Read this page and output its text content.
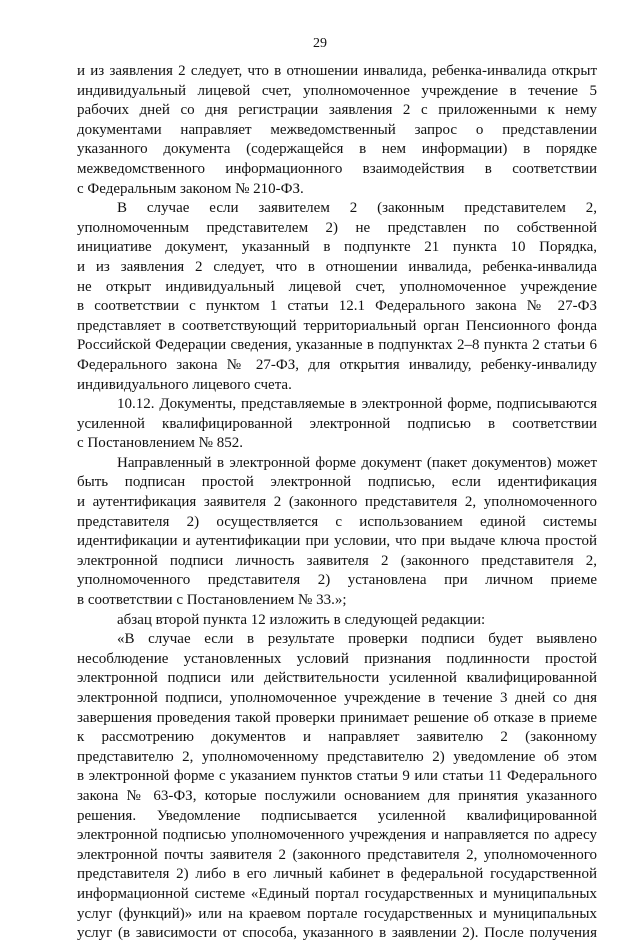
29
и из заявления 2 следует, что в отношении инвалида, ребенка-инвалида открыт
индивидуальный лицевой счет, уполномоченное учреждение в течение 5
рабочих дней со дня регистрации заявления 2 с приложенными к нему
документами направляет межведомственный запрос о представлении
указанного документа (содержащейся в нем информации) в порядке
межведомственного информационного взаимодействия в соответствии
с Федеральным законом № 210-ФЗ.
В случае если заявителем 2 (законным представителем 2,
уполномоченным представителем 2) не представлен по собственной
инициативе документ, указанный в подпункте 21 пункта 10 Порядка,
и из заявления 2 следует, что в отношении инвалида, ребенка-инвалида
не открыт индивидуальный лицевой счет, уполномоченное учреждение
в соответствии с пунктом 1 статьи 12.1 Федерального закона № 27-ФЗ
представляет в соответствующий территориальный орган Пенсионного фонда
Российской Федерации сведения, указанные в подпунктах 2–8 пункта 2 статьи 6
Федерального закона № 27-ФЗ, для открытия инвалиду, ребенку-инвалиду
индивидуального лицевого счета.
10.12. Документы, представляемые в электронной форме, подписываются
усиленной квалифицированной электронной подписью в соответствии
с Постановлением № 852.
Направленный в электронной форме документ (пакет документов) может
быть подписан простой электронной подписью, если идентификация
и аутентификация заявителя 2 (законного представителя 2, уполномоченного
представителя 2) осуществляется с использованием единой системы
идентификации и аутентификации при условии, что при выдаче ключа простой
электронной подписи личность заявителя 2 (законного представителя 2,
уполномоченного представителя 2) установлена при личном приеме
в соответствии с Постановлением № 33.»;
абзац второй пункта 12 изложить в следующей редакции:
«В случае если в результате проверки подписи будет выявлено
несоблюдение установленных условий признания подлинности простой
электронной подписи или действительности усиленной квалифицированной
электронной подписи, уполномоченное учреждение в течение 3 дней со дня
завершения проведения такой проверки принимает решение об отказе в приеме
к рассмотрению документов и направляет заявителю 2 (законному
представителю 2, уполномоченному представителю 2) уведомление об этом
в электронной форме с указанием пунктов статьи 9 или статьи 11 Федерального
закона № 63-ФЗ, которые послужили основанием для принятия указанного
решения. Уведомление подписывается усиленной квалифицированной
электронной подписью уполномоченного учреждения и направляется по адресу
электронной почты заявителя 2 (законного представителя 2, уполномоченного
представителя 2) либо в его личный кабинет в федеральной государственной
информационной системе «Единый портал государственных и муниципальных
услуг (функций)» или на краевом портале государственных и муниципальных
услуг (в зависимости от способа, указанного в заявлении 2). После получения
